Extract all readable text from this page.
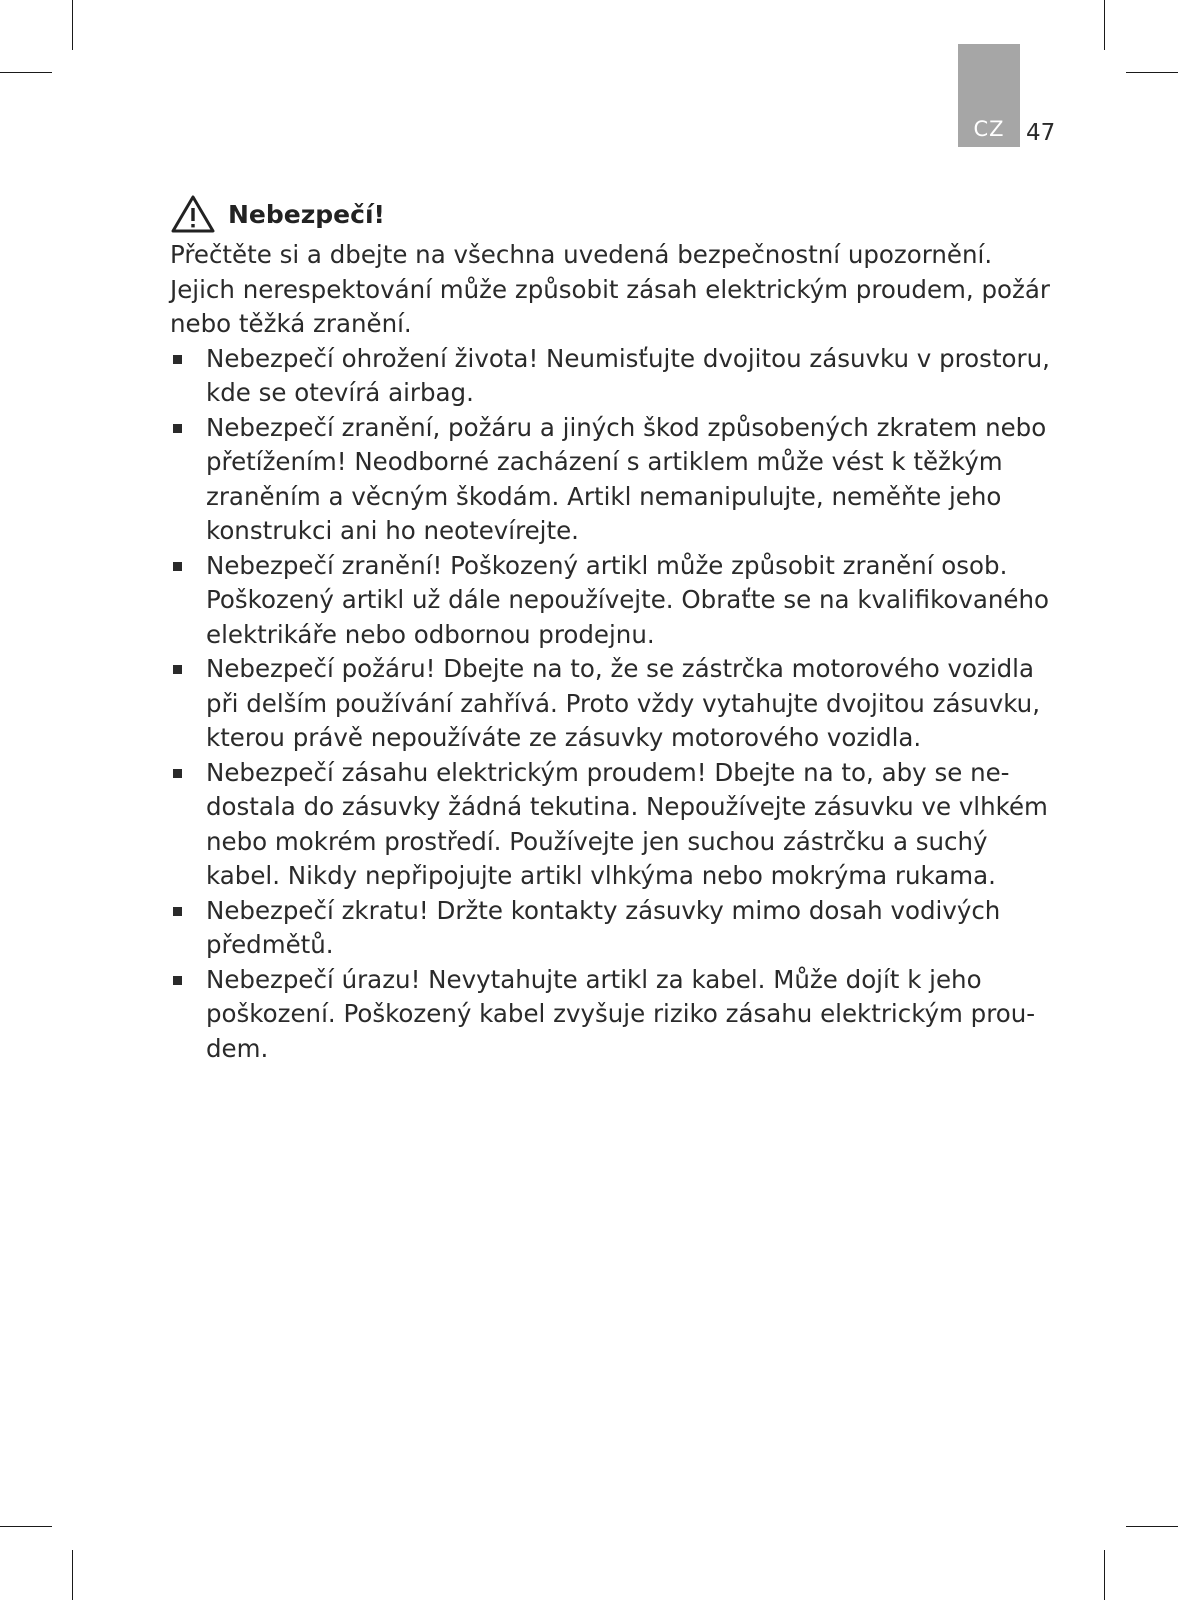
CZ 47
Nebezpečí!

Přečtěte si a dbejte na všechna uvedená bezpečnostní upozornění.
Jejich nerespektování může způsobit zásah elektrickým proudem, požár
nebo těžká zranění.

Nebezpečí ohrožení života! Neumisťujte dvojitou zásuvku v prostoru,
kde se otevírá airbag.
Nebezpečí zranění, požáru a jiných škod způsobených zkratem nebo
přetížením! Neodborné zacházení s artiklem může vést k těžkým
zraněním a věcným škodám. Artikl nemanipulujte, neměňte jeho
konstrukci ani ho neotevírejte.
Nebezpečí zranění! Poškozený artikl může způsobit zranění osob.
Poškozený artikl už dále nepoužívejte. Obraťte se na kvalifikovaného
elektrikáře nebo odbornou prodejnu.
Nebezpečí požáru! Dbejte na to, že se zástrčka motorového vozidla
při delším používání zahřívá. Proto vždy vytahujte dvojitou zásuvku,
kterou právě nepoužíváte ze zásuvky motorového vozidla.
Nebezpečí zásahu elektrickým proudem! Dbejte na to, aby se ne-
dostala do zásuvky žádná tekutina. Nepoužívejte zásuvku ve vlhkém
nebo mokrém prostředí. Používejte jen suchou zástrčku a suchý
kabel. Nikdy nepřipojujte artikl vlhkýma nebo mokrýma rukama.
Nebezpečí zkratu! Držte kontakty zásuvky mimo dosah vodivých
předmětů.
Nebezpečí úrazu! Nevytahujte artikl za kabel. Může dojít k jeho
poškození. Poškozený kabel zvyšuje riziko zásahu elektrickým prou-
dem.
